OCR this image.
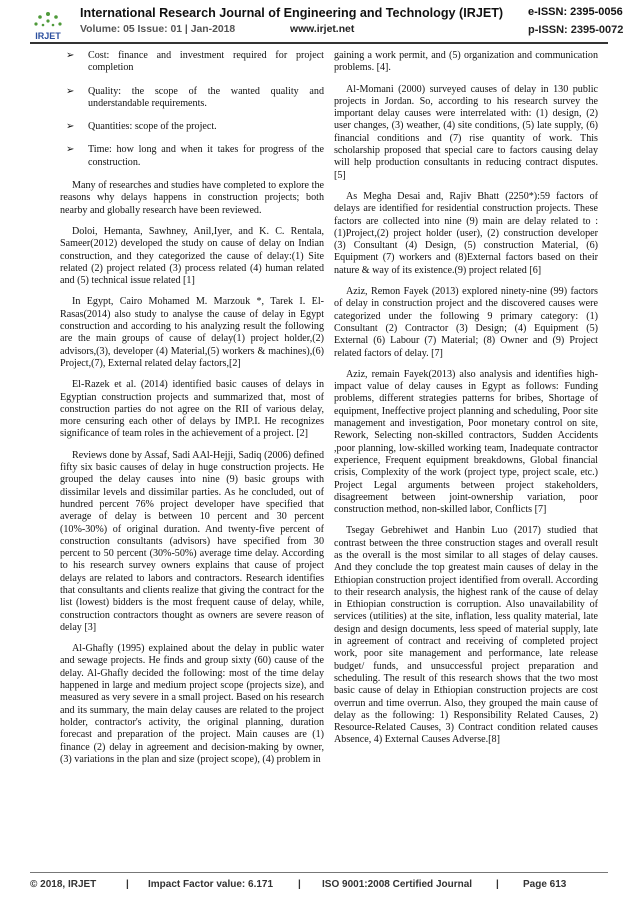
IRJET
International Research Journal of Engineering and Technology (IRJET) e-ISSN: 2395-0056
Volume: 05 Issue: 01 | Jan-2018	www.irjet.net	p-ISSN: 2395-0072
➢	Cost: finance and investment required for project completion
➢	Quality: the scope of the wanted quality and understandable requirements.
➢	Quantities: scope of the project.
➢	Time: how long and when it takes for progress of the construction.

Many of researches and studies have completed to explore the reasons why delays happens in construction projects; both nearby and globally research have been reviewed.

Doloi, Hemanta, Sawhney, Anil,Iyer, and K. C. Rentala, Sameer(2012) developed the study on cause of delay on Indian construction, and they categorized the cause of delay:(1) Site related (2) project related (3) process related (4) human related and (5) technical issue related [1]

In Egypt, Cairo Mohamed M. Marzouk *, Tarek I. El-Rasas(2014) also study to analyse the cause of delay in Egypt construction and according to his analyzing result the following are the main groups of cause of delay(1) project holder,(2) advisors,(3), developer (4) Material,(5) workers & machines),(6) Project,(7), External related delay factors,[2]

El-Razek et al. (2014) identified basic causes of delays in Egyptian construction projects and summarized that, most of construction parties do not agree on the RII of various delay, more censuring each other of delays by IMP.I. He recognizes significance of team roles in the achievement of a project. [2]

Reviews done by Assaf, Sadi AAl-Hejji, Sadiq (2006) defined fifty six basic causes of delay in huge construction projects. He grouped the delay causes into nine (9) basic groups with dissimilar levels and dissimilar parties. As he concluded, out of hundred percent 76% project developer have specified that average of delay is between 10 percent and 30 percent (10%-30%) of original duration. And twenty-five percent of construction consultants (advisors) have specified from 30 percent to 50 percent (30%-50%) average time delay. According to his research survey owners explains that cause of project delays are related to labors and contractors. Research identifies that consultants and clients realize that giving the contract for the list (lowest) bidders is the most frequent cause of delay, while, construction contractors thought as owners are severe reason of delay [3]

Al-Ghafly (1995) explained about the delay in public water and sewage projects. He finds and group sixty (60) cause of the delay. Al-Ghafly decided the following: most of the time delay happened in large and medium project scope (projects size), and measured as very severe in a small project. Based on his research and its summary, the main delay causes are related to the project holder, contractor's activity, the original planning, duration forecast and preparation of the project. Main causes are (1) finance (2) delay in agreement and decision-making by owner, (3) variations in the plan and size (project scope), (4) problem in

gaining a work permit, and (5) organization and communication problems. [4].

Al-Momani (2000) surveyed causes of delay in 130 public projects in Jordan. So, according to his research survey the important delay causes were interrelated with: (1) design, (2) user changes, (3) weather, (4) site conditions, (5) late supply, (6) financial conditions and (7) rise quantity of work. This scholarship proposed that special care to factors causing delay will help production consultants in reducing contract disputes. [5]

As Megha Desai and, Rajiv Bhatt (2250*):59 factors of delays are identified for residential construction projects. These factors are collected into nine (9) main are delay related to : (1)Project,(2) project holder (user), (2) construction developer (3) Consultant (4) Design, (5) construction Material, (6) Equipment (7) workers and (8)External factors based on their nature & way of its existence.(9) project related [6]

Aziz, Remon Fayek (2013) explored ninety-nine (99) factors of delay in construction project and the discovered causes were categorized under the following 9 primary category: (1) Consultant (2) Contractor (3) Design; (4) Equipment (5) External (6) Labour (7) Material; (8) Owner and (9) Project related factors of delay. [7]

Aziz, remain Fayek(2013) also analysis and identifies high-impact value of delay causes in Egypt as follows: Funding problems, different strategies patterns for bribes, Shortage of equipment, Ineffective project planning and scheduling, Poor site management and investigation, Poor monetary control on site, Rework, Selecting non-skilled contractors, Sudden Accidents ,poor planning, low-skilled working team, Inadequate contractor experience, Frequent equipment breakdowns, Global financial crisis, Complexity of the work (project type, project scale, etc.) Project Legal arguments between project stakeholders, disagreement between joint-ownership variation, poor construction method, non-skilled labor, Conflicts [7]

Tsegay Gebrehiwet and Hanbin Luo (2017) studied that contrast between the three construction stages and overall result as the overall is the most similar to all stages of delay causes. And they conclude the top greatest main causes of delay in the Ethiopian construction project identified from overall. According to their research analysis, the highest rank of the cause of delay in Ethiopian construction is corruption. Also unavailability of services (utilities) at the site, inflation, less quality material, late design and design documents, less speed of material supply, late in agreement of contract and receiving of completed project work, poor site management and performance, late release budget/ funds, and unsuccessful project preparation and scheduling. The result of this research shows that the two most basic cause of delay in Ethiopian construction projects are cost overrun and time overrun. Also, they grouped the main cause of delay as the following: 1) Responsibility Related Causes, 2) Resource-Related Causes, 3) Contract condition related causes Absence, 4) External Causes Adverse.[8]

© 2018, IRJET	| Impact Factor value: 6.171 | ISO 9001:2008 Certified Journal | Page 613
